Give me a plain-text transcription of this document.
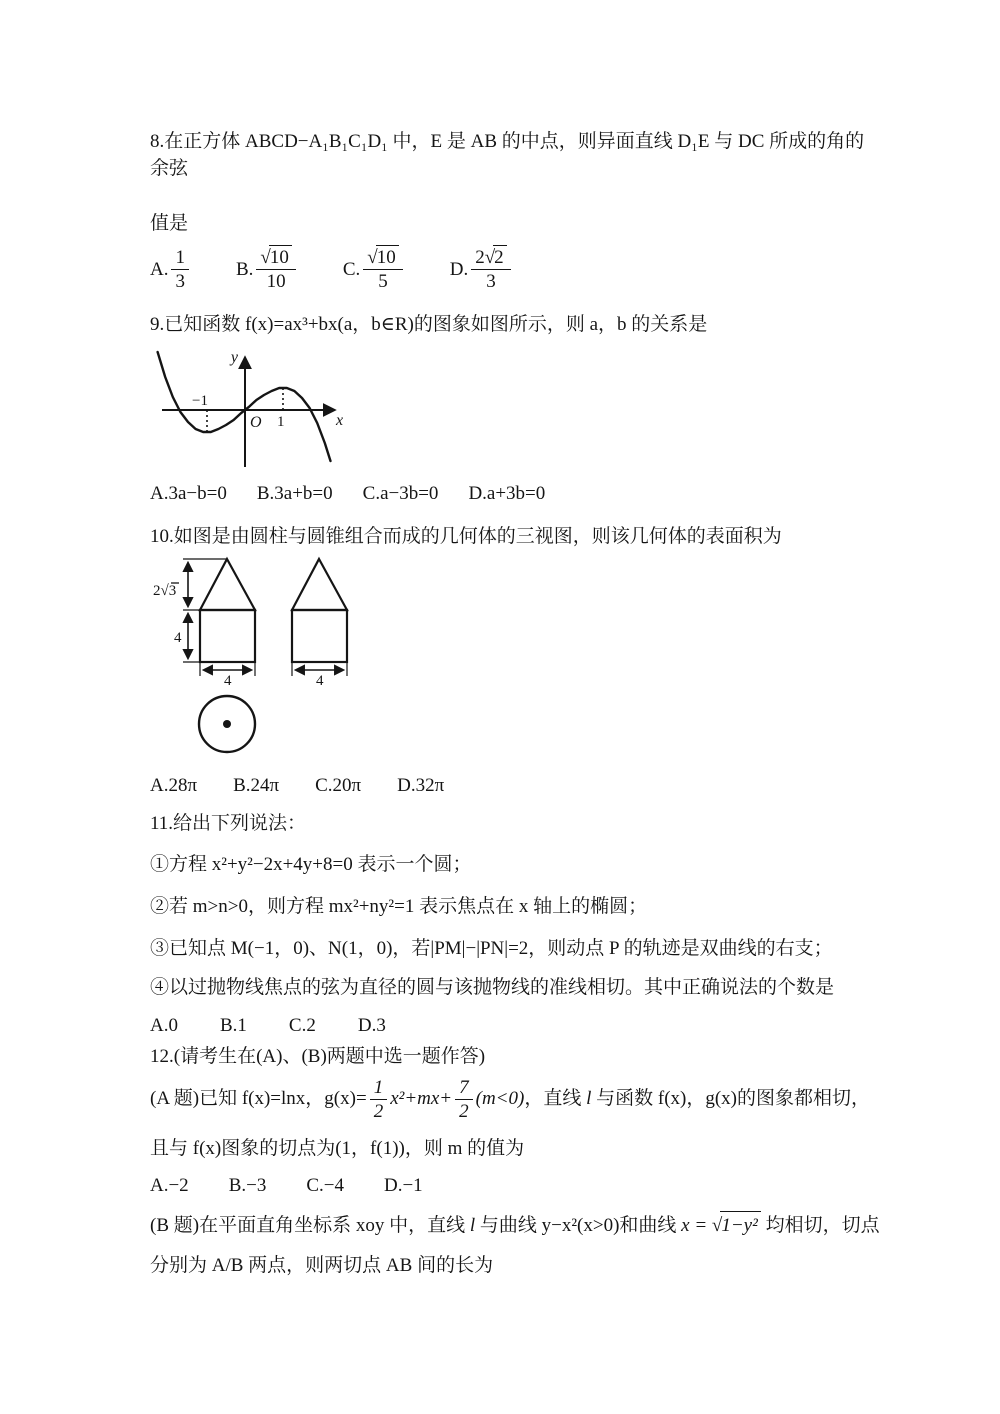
8.在正方体 ABCD−A₁B₁C₁D₁ 中，E 是 AB 的中点，则异面直线 D₁E 与 DC 所成的角的余弦

值是

A. $\frac{1}{3} B$. $\frac{√10}{10} C$. $\frac{√10}{5} D$. $\frac{2√2}{3}$

9.已知函数 f(x)=ax³+bx(a，b∈R)的图象如图所示，则 a，b 的关系是

y
x
O 1
−1
A.3a−b=0 B.3a+b=0 C.a−3b=0 D.a+3b=0

10.如图是由圆柱与圆锥组合而成的几何体的三视图，则该几何体的表面积为

2√3
4
4	4
A.28π B.24π C.20π D.32π

11.给出下列说法：

①方程 x²+y²−2x+4y+8=0 表示一个圆；

②若 m>n>0，则方程 mx²+ny²=1 表示焦点在 x 轴上的椭圆；

③已知点 M(−1，0)、N(1，0)，若|PM|−|PN|=2，则动点 P 的轨迹是双曲线的右支；

④以过抛物线焦点的弦为直径的圆与该抛物线的准线相切。其中正确说法的个数是

A.0 B.1 C.2 D.3

12.(请考生在(A)、(B)两题中选一题作答)

(A 题)已知 f(x)=lnx，$g(x)= \frac{1}{2} x^2+mx+ \frac{7}{2} (m<0)$，直线 l 与函数 f(x)，g(x)的图象都相切，

且与 f(x)图象的切点为(1，f(1))，则 m 的值为

A.−2 B.−3 C.−4 D.−1

(B 题)在平面直角坐标系 xoy 中，直线 l 与曲线 y−x²(x>0)和曲线 x = √1−y² 均相切，切点

分别为 A/B 两点，则两切点 AB 间的长为
